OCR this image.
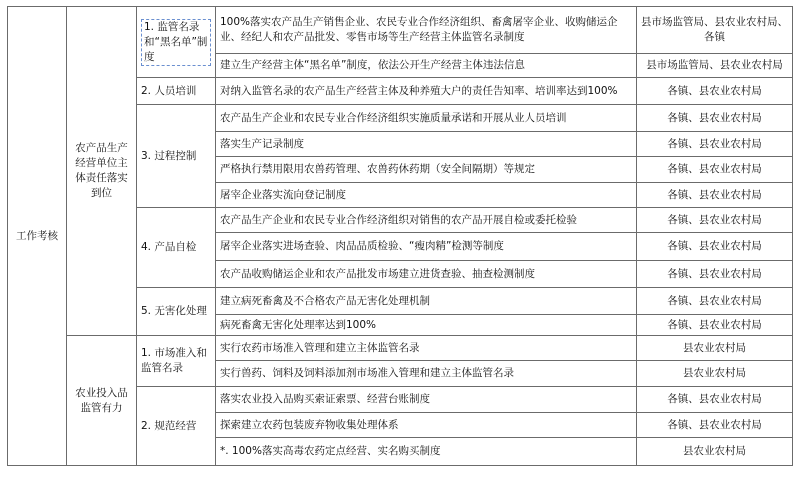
工作考核	农产品生产经营单位主体责任落实到位	1. 监管名录和“黑名单”制度	100%落实农产品生产销售企业、农民专业合作经济组织、畜禽屠宰企业、收购储运企业、经纪人和农产品批发、零售市场等生产经营主体监管名录制度	县市场监管局、县农业农村局、各镇
			建立生产经营主体“黑名单”制度，依法公开生产经营主体违法信息	县市场监管局、县农业农村局
		2. 人员培训	对纳入监管名录的农产品生产经营主体及种养殖大户的责任告知率、培训率达到100%	各镇、县农业农村局
		3. 过程控制	农产品生产企业和农民专业合作经济组织实施质量承诺和开展从业人员培训	各镇、县农业农村局
			落实生产记录制度	各镇、县农业农村局
			严格执行禁用限用农兽药管理、农兽药休药期（安全间隔期）等规定	各镇、县农业农村局
			屠宰企业落实流向登记制度	各镇、县农业农村局
		4. 产品自检	农产品生产企业和农民专业合作经济组织对销售的农产品开展自检或委托检验	各镇、县农业农村局
			屠宰企业落实进场查验、肉品品质检验、“瘦肉精”检测等制度	各镇、县农业农村局
			农产品收购储运企业和农产品批发市场建立进货查验、抽查检测制度	各镇、县农业农村局
		5. 无害化处理	建立病死畜禽及不合格农产品无害化处理机制	各镇、县农业农村局
			病死畜禽无害化处理率达到100%	各镇、县农业农村局
	农业投入品监管有力	1. 市场准入和监管名录	实行农药市场准入管理和建立主体监管名录	县农业农村局
			实行兽药、饲料及饲料添加剂市场准入管理和建立主体监管名录	县农业农村局
		2. 规范经营	落实农业投入品购买索证索票、经营台账制度	各镇、县农业农村局
			探索建立农药包装废弃物收集处理体系	各镇、县农业农村局
			*. 100%落实高毒农药定点经营、实名购买制度	县农业农村局
